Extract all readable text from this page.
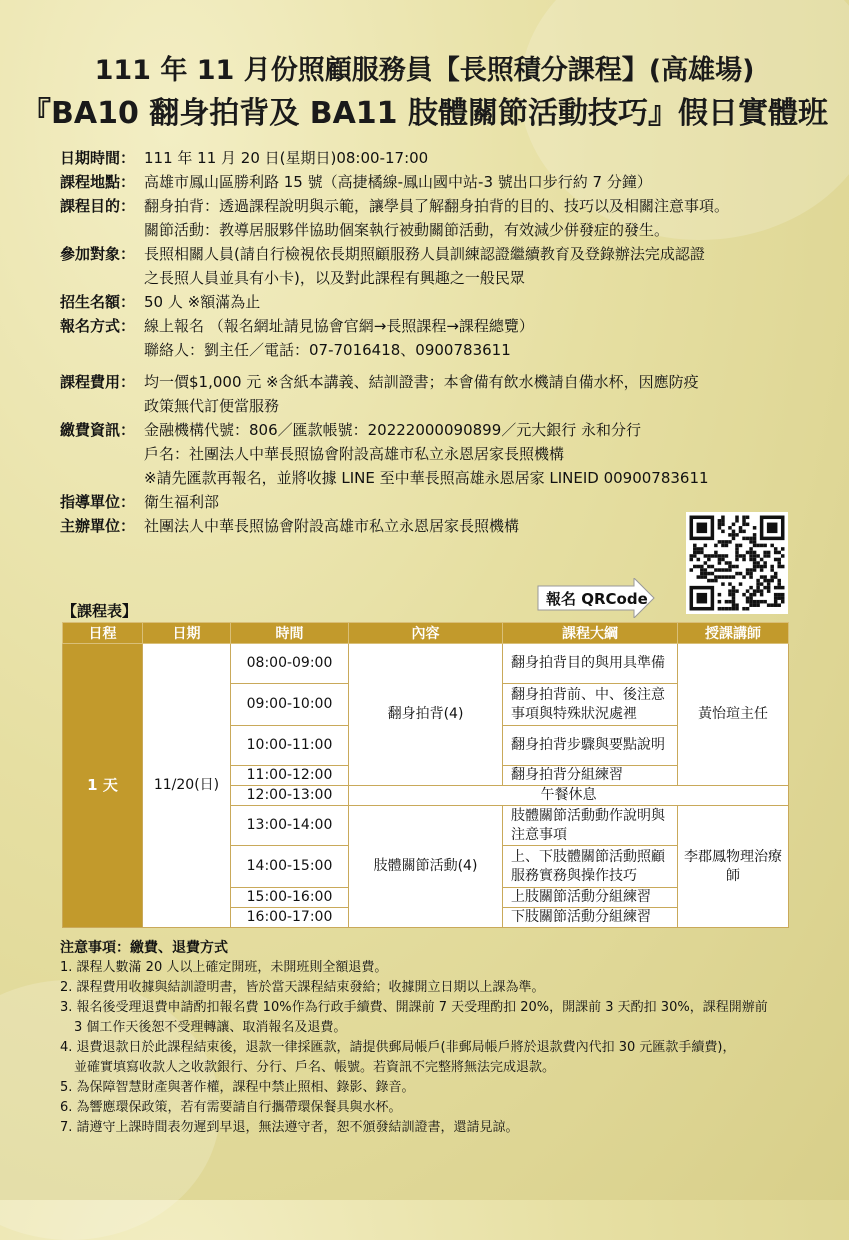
111 年 11 月份照顧服務員【長照積分課程】(高雄場)
『BA10 翻身拍背及 BA11 肢體關節活動技巧』假日實體班
日期時間： 111 年 11 月 20 日(星期日)08:00-17:00
課程地點： 高雄市鳳山區勝利路 15 號（高捷橘線-鳳山國中站-3 號出口步行約 7 分鐘）
課程目的： 翻身拍背：透過課程說明與示範，讓學員了解翻身拍背的目的、技巧以及相關注意事項。

關節活動：教導居服夥伴協助個案執行被動關節活動，有效減少併發症的發生。

參加對象： 長照相關人員(請自行檢視依長期照顧服務人員訓練認證繼續教育及登錄辦法完成認證

之長照人員並具有小卡)，以及對此課程有興趣之一般民眾

招生名額： 50 人 ※額滿為止
報名方式： 線上報名 （報名網址請見協會官網→長照課程→課程總覽）

聯絡人：劉主任／電話：07-7016418、0900783611

課程費用： 均一價$1,000 元 ※含紙本講義、結訓證書；本會備有飲水機請自備水杯，因應防疫

政策無代訂便當服務

繳費資訊： 金融機構代號：806／匯款帳號：20222000090899／元大銀行 永和分行

戶名：社團法人中華長照協會附設高雄市私立永恩居家長照機構

※請先匯款再報名，並將收據 LINE 至中華長照高雄永恩居家 LINEID 00900783611

指導單位： 衛生福利部
主辦單位： 社團法人中華長照協會附設高雄市私立永恩居家長照機構
報名 QRCode
【課程表】
日程	日期	時間	內容	課程大綱	授課講師
1 天	11/20(日)	08:00-09:00	翻身拍背(4)	翻身拍背目的與用具準備	黃怡瑄主任
		09:00-10:00		翻身拍背前、中、後注意事項與特殊狀況處裡	
		10:00-11:00		翻身拍背步驟與要點說明	
		11:00-12:00		翻身拍背分組練習	
		12:00-13:00	午餐休息		
		13:00-14:00	肢體關節活動(4)	肢體關節活動動作說明與注意事項	李郡鳳物理治療師
		14:00-15:00		上、下肢體關節活動照顧服務實務與操作技巧	
		15:00-16:00		上肢關節活動分組練習	
		16:00-17:00		下肢關節活動分組練習	
注意事項：繳費、退費方式
1. 課程人數滿 20 人以上確定開班，未開班則全額退費。
2. 課程費用收據與結訓證明書，皆於當天課程結束發給；收據開立日期以上課為準。
3. 報名後受理退費申請酌扣報名費 10%作為行政手續費、開課前 7 天受理酌扣 20%，開課前 3 天酌扣 30%，課程開辦前
3 個工作天後恕不受理轉讓、取消報名及退費。
4. 退費退款日於此課程結束後，退款一律採匯款，請提供郵局帳戶(非郵局帳戶將於退款費內代扣 30 元匯款手續費)，
並確實填寫收款人之收款銀行、分行、戶名、帳號。若資訊不完整將無法完成退款。
5. 為保障智慧財產與著作權，課程中禁止照相、錄影、錄音。
6. 為響應環保政策，若有需要請自行攜帶環保餐具與水杯。
7. 請遵守上課時間表勿遲到早退，無法遵守者，恕不頒發結訓證書，還請見諒。
